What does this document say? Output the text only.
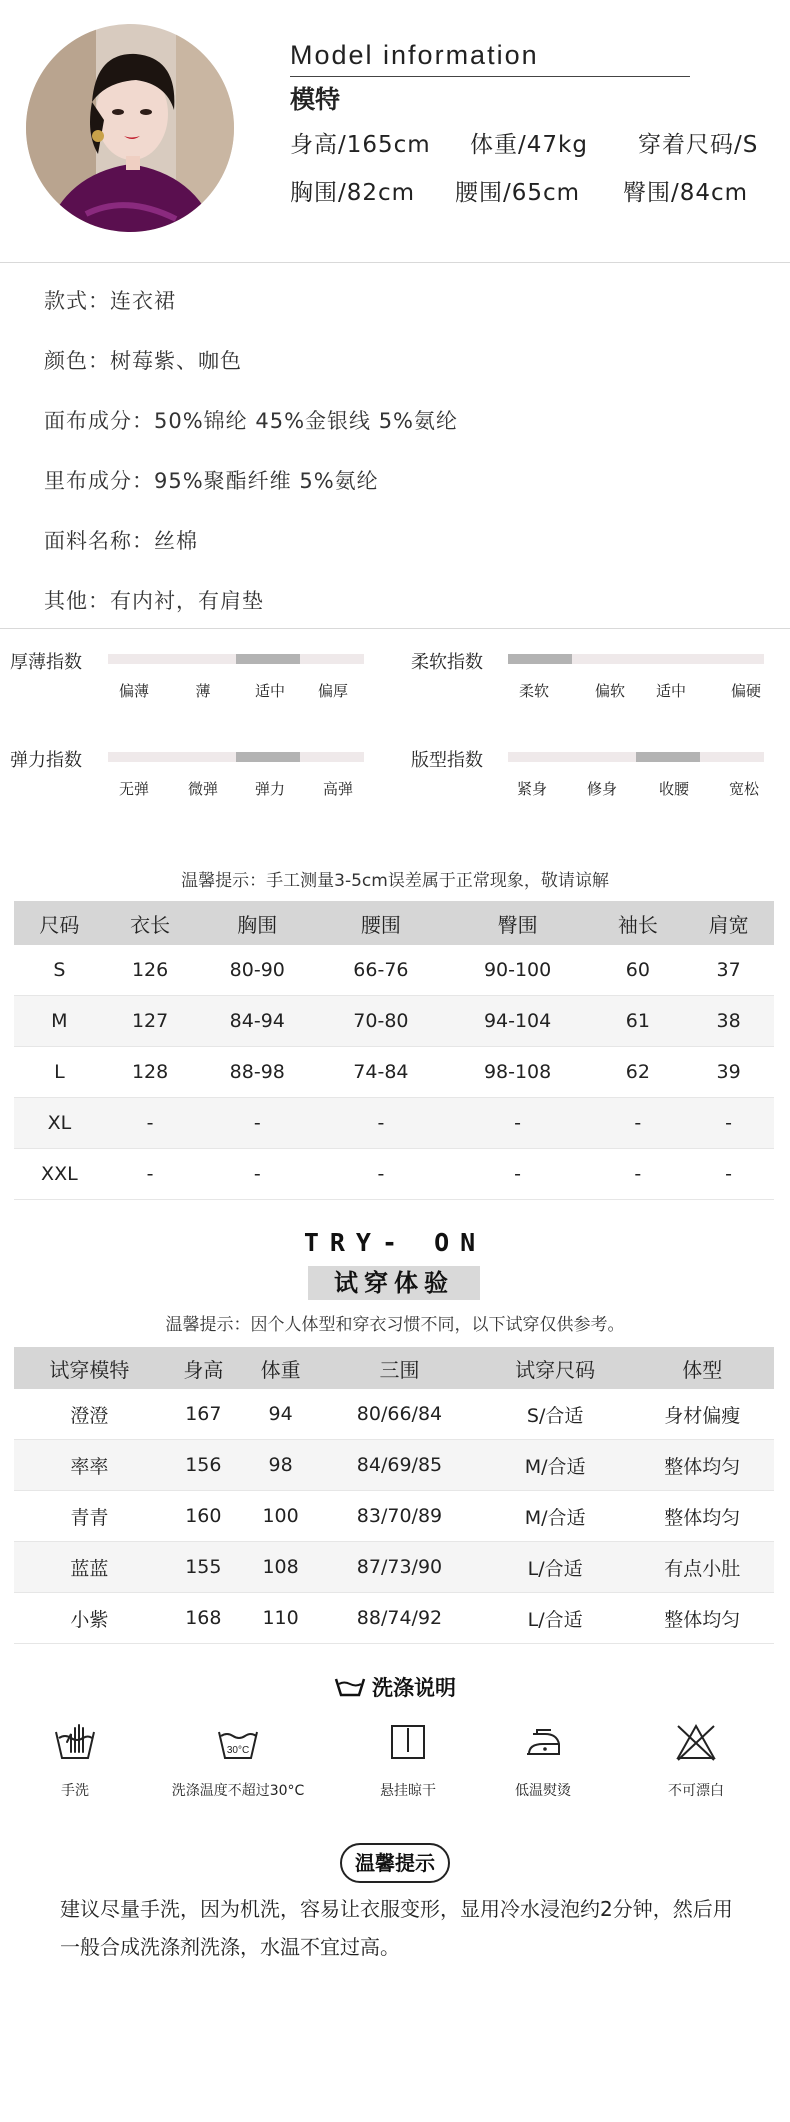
Model information
模特
身高/165cm 体重/47kg 穿着尺码/S
胸围/82cm 腰围/65cm 臀围/84cm
款式：连衣裙
颜色：树莓紫、咖色
面布成分：50%锦纶 45%金银线 5%氨纶
里布成分：95%聚酯纤维 5%氨纶
面料名称：丝棉
其他：有内衬，有肩垫
厚薄指数
偏薄	薄	适中	偏厚
柔软指数
柔软	偏软	适中	偏硬
弹力指数
无弹	微弹	弹力	高弹
版型指数
紧身	修身	收腰	宽松
温馨提示：手工测量3-5cm误差属于正常现象，敬请谅解
尺码	衣长	胸围	腰围	臀围	袖长	肩宽
S	126	80-90	66-76	90-100	60	37
M	127	84-94	70-80	94-104	61	38
L	128	88-98	74-84	98-108	62	39
XL	-	-	-	-	-	-
XXL	-	-	-	-	-	-
TRY- ON
试穿体验
温馨提示：因个人体型和穿衣习惯不同，以下试穿仅供参考。
试穿模特	身高	体重	三围	试穿尺码	体型
澄澄	167	94	80/66/84	S/合适	身材偏瘦
率率	156	98	84/69/85	M/合适	整体均匀
青青	160	100	83/70/89	M/合适	整体均匀
蓝蓝	155	108	87/73/90	L/合适	有点小肚
小紫	168	110	88/74/92	L/合适	整体均匀
洗涤说明
手洗
30°C
洗涤温度不超过30°C	悬挂晾干	低温熨烫	不可漂白
温馨提示
建议尽量手洗，因为机洗，容易让衣服变形，显用冷水浸泡约2分钟，然后用一般合成洗涤剂洗涤，水温不宜过高。
